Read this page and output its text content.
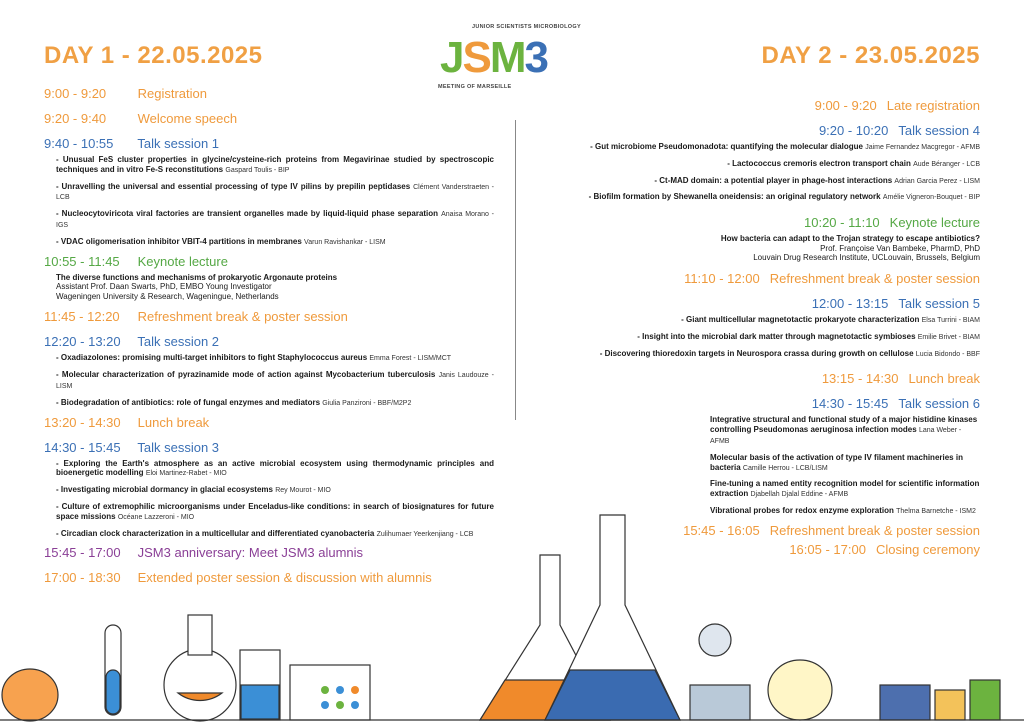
DAY 1 - 22.05.2025	DAY 2 - 23.05.2025
JUNIOR SCIENTISTS MICROBIOLOGY
JSM3
MEETING OF MARSEILLE
9:00 - 9:20 Registration
9:20 - 9:40 Welcome speech
9:40 - 10:55 Talk session 1
- Unusual FeS cluster properties in glycine/cysteine-rich proteins from Megavirinae studied by spectroscopic techniques and in vitro Fe-S reconstitutions Gaspard Toulis - BIP
- Unravelling the universal and essential processing of type IV pilins by prepilin peptidases Clément Vanderstraeten - LCB
- Nucleocytoviricota viral factories are transient organelles made by liquid-liquid phase separation Anaisa Morano - IGS
- VDAC oligomerisation inhibitor VBIT-4 partitions in membranes Varun Ravishankar - LISM
10:55 - 11:45 Keynote lecture
The diverse functions and mechanisms of prokaryotic Argonaute proteins
Assistant Prof. Daan Swarts, PhD, EMBO Young Investigator
Wageningen University & Research, Wageningue, Netherlands
11:45 - 12:20 Refreshment break & poster session
12:20 - 13:20 Talk session 2
- Oxadiazolones: promising multi-target inhibitors to fight Staphylococcus aureus Emma Forest - LISM/MCT
- Molecular characterization of pyrazinamide mode of action against Mycobacterium tuberculosis Janis Laudouze - LISM
- Biodegradation of antibiotics: role of fungal enzymes and mediators Giulia Panzironi - BBF/M2P2
13:20 - 14:30 Lunch break
14:30 - 15:45 Talk session 3
- Exploring the Earth's atmosphere as an active microbial ecosystem using thermodynamic principles and bioenergetic modelling Eloi Martinez-Rabet - MIO
- Investigating microbial dormancy in glacial ecosystems Rey Mourot - MIO
- Culture of extremophilic microorganisms under Enceladus-like conditions: in search of biosignatures for future space missions Océane Lazzeroni - MIO
- Circadian clock characterization in a multicellular and differentiated cyanobacteria Zulihumaer Yeerkenjiang - LCB
15:45 - 17:00 JSM3 anniversary: Meet JSM3 alumnis
17:00 - 18:30 Extended poster session & discussion with alumnis
9:00 - 9:20 Late registration
9:20 - 10:20 Talk session 4
- Gut microbiome Pseudomonadota: quantifying the molecular dialogue Jaime Fernandez Macgregor - AFMB
- Lactococcus cremoris electron transport chain Aude Béranger - LCB
- Ct-MAD domain: a potential player in phage-host interactions Adrian Garcia Perez - LISM
- Biofilm formation by Shewanella oneidensis: an original regulatory network Amélie Vigneron-Bouquet - BIP
10:20 - 11:10 Keynote lecture
How bacteria can adapt to the Trojan strategy to escape antibiotics?
Prof. Françoise Van Bambeke, PharmD, PhD
Louvain Drug Research Institute, UCLouvain, Brussels, Belgium
11:10 - 12:00 Refreshment break & poster session
12:00 - 13:15 Talk session 5
- Giant multicellular magnetotactic prokaryote characterization Elsa Turrini - BIAM
- Insight into the microbial dark matter through magnetotactic symbioses Emilie Brivet - BIAM
- Discovering thioredoxin targets in Neurospora crassa during growth on cellulose Lucia Bidondo - BBF
13:15 - 14:30 Lunch break
14:30 - 15:45 Talk session 6
Integrative structural and functional study of a major histidine kinases controlling Pseudomonas aeruginosa infection modes Lana Weber - AFMB
Molecular basis of the activation of type IV filament machineries in bacteria Camille Herrou - LCB/LISM
Fine-tuning a named entity recognition model for scientific information extraction Djabellah Djalal Eddine - AFMB
Vibrational probes for redox enzyme exploration Thelma Barnetche - ISM2
15:45 - 16:05 Refreshment break & poster session
16:05 - 17:00 Closing ceremony
